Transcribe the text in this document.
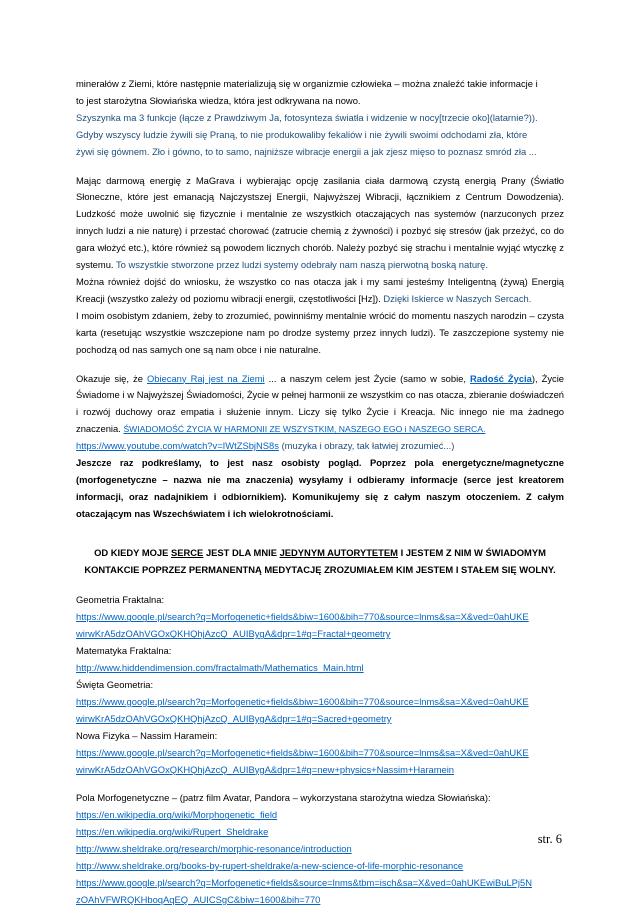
minerałów z Ziemi, które następnie materializują się w organizmie człowieka – można znaleźć takie informacje i
to jest starożytna Słowiańska wiedza, która jest odkrywana na nowo.
Szyszynka ma 3 funkcje (łącze z Prawdziwym Ja, fotosynteza światła i widzenie w nocy[trzecie oko](latarnie?)).
Gdyby wszyscy ludzie żywili się Praną, to nie produkowaliby fekaliów i nie żywili swoimi odchodami zła, które
żywi się gównem. Zło i gówno, to to samo, najniższe wibracje energii a jak zjesz mięso to poznasz smród zła ...
Mając darmową energię z MaGrava i wybierając opcję zasilania ciała darmową czystą energią Prany (Światło Słoneczne, które jest emanacją Najczystszej Energii, Najwyższej Wibracji, łącznikiem z Centrum Dowodzenia). Ludzkość może uwolnić się fizycznie i mentalnie ze wszystkich otaczających nas systemów (narzuconych przez innych ludzi a nie naturę) i przestać chorować (zatrucie chemią z żywności) i pozbyć się stresów (jak przeżyć, co do gara włożyć etc.), które również są powodem licznych chorób. Należy pozbyć się strachu i mentalnie wyjąć wtyczkę z systemu. To wszystkie stworzone przez ludzi systemy odebrały nam naszą pierwotną boską naturę.
Można również dojść do wniosku, że wszystko co nas otacza jak i my sami jesteśmy Inteligentną (żywą) Energią Kreacji (wszystko zależy od poziomu wibracji energii, częstotliwości [Hz]). Dzięki Iskierce w Naszych Sercach.
I moim osobistym zdaniem, żeby to zrozumieć, powinniśmy mentalnie wrócić do momentu naszych narodzin – czysta karta (resetując wszystkie wszczepione nam po drodze systemy przez innych ludzi). Te zaszczepione systemy nie pochodzą od nas samych one są nam obce i nie naturalne.
Okazuje się, że Obiecany Raj jest na Ziemi ... a naszym celem jest Życie (samo w sobie, Radość Życia), Życie Świadome i w Najwyższej Świadomości, Życie w pełnej harmonii ze wszystkim co nas otacza, zbieranie doświadczeń i rozwój duchowy oraz empatia i służenie innym. Liczy się tylko Życie i Kreacja. Nic innego nie ma żadnego znaczenia. ŚWIADOMOŚĆ ŻYCIA W HARMONII ZE WSZYSTKIM, NASZEGO EGO i NASZEGO SERCA.
https://www.youtube.com/watch?v=IWtZSbjNS8s (muzyka i obrazy, tak łatwiej zrozumieć...)
Jeszcze raz podkreślamy, to jest nasz osobisty pogląd. Poprzez pola energetyczne/magnetyczne (morfogenetyczne – nazwa nie ma znaczenia) wysyłamy i odbieramy informacje (serce jest kreatorem informacji, oraz nadajnikiem i odbiornikiem). Komunikujemy się z całym naszym otoczeniem. Z całym otaczającym nas Wszechświatem i ich wielokrotnościami.
OD KIEDY MOJE SERCE JEST DLA MNIE JEDYNYM AUTORYTETEM I JESTEM Z NIM W ŚWIADOMYM
KONTAKCIE POPRZEZ PERMANENTNĄ MEDYTACJĘ ZROZUMIAŁEM KIM JESTEM I STAŁEM SIĘ WOLNY.
Geometria Fraktalna:
https://www.google.pl/search?q=Morfogenetic+fields&biw=1600&bih=770&source=lnms&sa=X&ved=0ahUKE
wirwKrA5dzOAhVGOxQKHQhjAzcQ_AUIBygA&dpr=1#q=Fractal+geometry
Matematyka Fraktalna:
http://www.hiddendimension.com/fractalmath/Mathematics_Main.html
Święta Geometria:
https://www.google.pl/search?q=Morfogenetic+fields&biw=1600&bih=770&source=lnms&sa=X&ved=0ahUKE
wirwKrA5dzOAhVGOxQKHQhjAzcQ_AUIBygA&dpr=1#q=Sacred+geometry
Nowa Fizyka – Nassim Haramein:
https://www.google.pl/search?q=Morfogenetic+fields&biw=1600&bih=770&source=lnms&sa=X&ved=0ahUKE
wirwKrA5dzOAhVGOxQKHQhjAzcQ_AUIBygA&dpr=1#q=new+physics+Nassim+Haramein
Pola Morfogenetyczne – (patrz film Avatar, Pandora – wykorzystana starożytna wiedza Słowiańska):
https://en.wikipedia.org/wiki/Morphogenetic_field
https://en.wikipedia.org/wiki/Rupert_Sheldrake
http://www.sheldrake.org/research/morphic-resonance/introduction
http://www.sheldrake.org/books-by-rupert-sheldrake/a-new-science-of-life-morphic-resonance
https://www.google.pl/search?q=Morfogenetic+fields&source=lnms&tbm=isch&sa=X&ved=0ahUKEwiBuLPj5N
zOAhVFWRQKHboqAqEQ_AUICSgC&biw=1600&bih=770
str. 6
